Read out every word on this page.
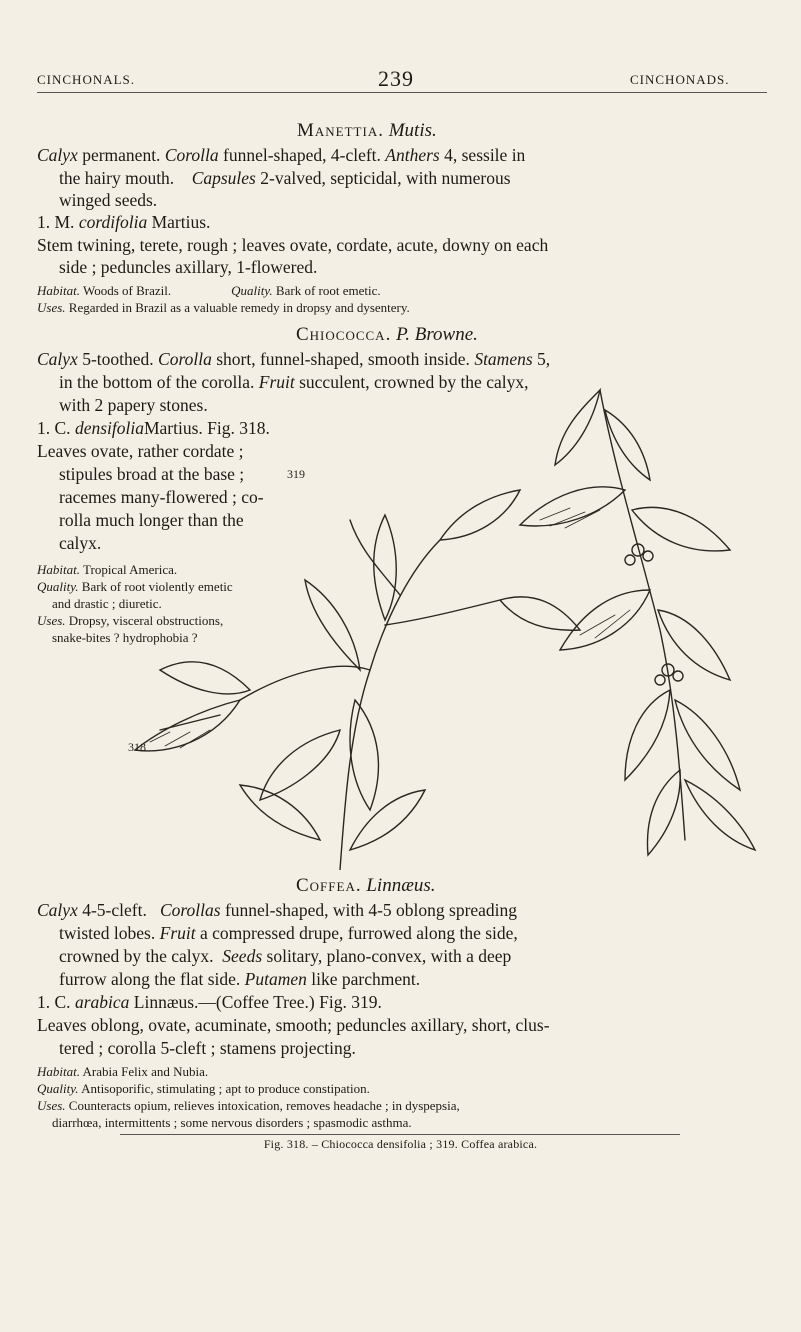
CINCHONALS.	239	CINCHONADS.
Manettia. Mutis.
Calyx permanent. Corolla funnel-shaped, 4-cleft. Anthers 4, sessile in
the hairy mouth. Capsules 2-valved, septicidal, with numerous
winged seeds.
1. M. cordifolia Martius.
Stem twining, terete, rough ; leaves ovate, cordate, acute, downy on each
side ; peduncles axillary, 1-flowered.
Habitat. Woods of Brazil.	Quality. Bark of root emetic.
Uses. Regarded in Brazil as a valuable remedy in dropsy and dysentery.
Chiococca. P. Browne.
Calyx 5-toothed. Corolla short, funnel-shaped, smooth inside. Stamens 5,
in the bottom of the corolla. Fruit succulent, crowned by the calyx,
with 2 papery stones.
1. C. densifoliaMartius. Fig. 318.
Leaves ovate, rather cordate ;
stipules broad at the base ;
racemes many-flowered ; co-
rolla much longer than the
calyx.
Habitat. Tropical America.
Quality. Bark of root violently emetic
and drastic ; diuretic.
Uses. Dropsy, visceral obstructions,
snake-bites ? hydrophobia ?
319
318
Coffea. Linnæus.
Calyx 4-5-cleft.   Corollas funnel-shaped, with 4-5 oblong spreading
twisted lobes. Fruit a compressed drupe, furrowed along the side,
crowned by the calyx.  Seeds solitary, plano-convex, with a deep
furrow along the flat side. Putamen like parchment.
1. C. arabica Linnæus.—(Coffee Tree.) Fig. 319.
Leaves oblong, ovate, acuminate, smooth; peduncles axillary, short, clus-
tered ; corolla 5-cleft ; stamens projecting.
Habitat. Arabia Felix and Nubia.
Quality. Antisoporific, stimulating ; apt to produce constipation.
Uses. Counteracts opium, relieves intoxication, removes headache ; in dyspepsia,
diarrhœa, intermittents ; some nervous disorders ; spasmodic asthma.
Fig. 318. – Chiococca densifolia ; 319. Coffea arabica.
